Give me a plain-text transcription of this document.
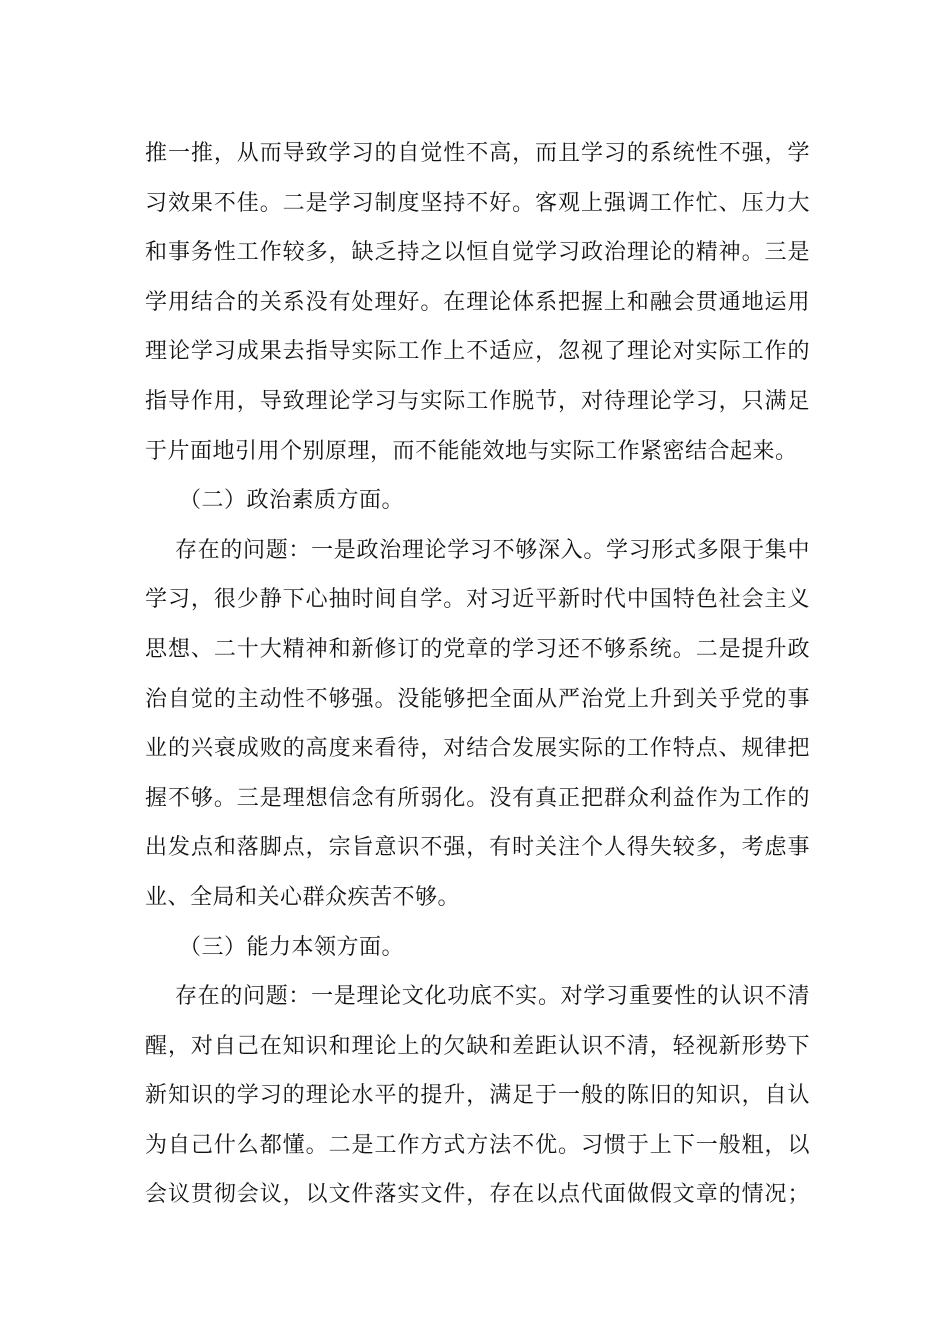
推一推，从而导致学习的自觉性不高，而且学习的系统性不强，学
习效果不佳。二是学习制度坚持不好。客观上强调工作忙、压力大
和事务性工作较多，缺乏持之以恒自觉学习政治理论的精神。三是
学用结合的关系没有处理好。在理论体系把握上和融会贯通地运用
理论学习成果去指导实际工作上不适应，忽视了理论对实际工作的
指导作用，导致理论学习与实际工作脱节，对待理论学习，只满足
于片面地引用个别原理，而不能能效地与实际工作紧密结合起来。
（二）政治素质方面。
存在的问题：一是政治理论学习不够深入。学习形式多限于集中
学习，很少静下心抽时间自学。对习近平新时代中国特色社会主义
思想、二十大精神和新修订的党章的学习还不够系统。二是提升政
治自觉的主动性不够强。没能够把全面从严治党上升到关乎党的事
业的兴衰成败的高度来看待，对结合发展实际的工作特点、规律把
握不够。三是理想信念有所弱化。没有真正把群众利益作为工作的
出发点和落脚点，宗旨意识不强，有时关注个人得失较多，考虑事
业、全局和关心群众疾苦不够。
（三）能力本领方面。
存在的问题：一是理论文化功底不实。对学习重要性的认识不清
醒，对自己在知识和理论上的欠缺和差距认识不清，轻视新形势下
新知识的学习的理论水平的提升，满足于一般的陈旧的知识，自认
为自己什么都懂。二是工作方式方法不优。习惯于上下一般粗，以
会议贯彻会议，以文件落实文件，存在以点代面做假文章的情况；
